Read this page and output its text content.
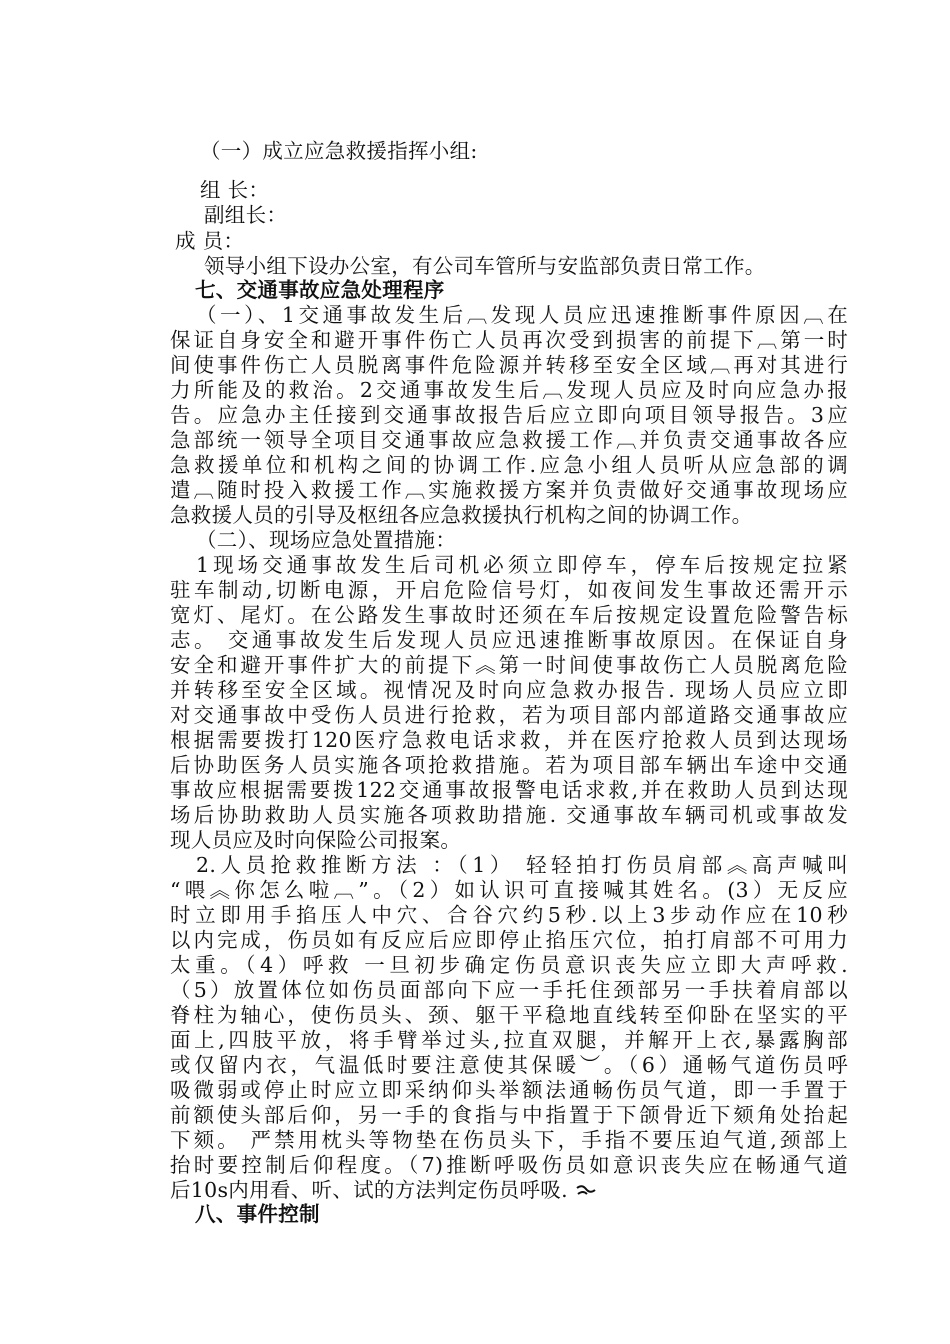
（一）成立应急救援指挥小组:
组 长：
副组长：
成 员：
领导小组下设办公室，有公司车管所与安监部负责日常工作。
七、交通事故应急处理程序
（一）、1交通事故发生后︹发现人员应迅速推断事件原因︹在
保证自身安全和避开事件伤亡人员再次受到损害的前提下︹第一时
间使事件伤亡人员脱离事件危险源并转移至安全区域︹再对其进行
力所能及的救治。2交通事故发生后︹发现人员应及时向应急办报
告。应急办主任接到交通事故报告后应立即向项目领导报告。3应
急部统一领导全项目交通事故应急救援工作︹并负责交通事故各应
急救援单位和机构之间的协调工作.应急小组人员听从应急部的调
遣︹随时投入救援工作︹实施救援方案并负责做好交通事故现场应
急救援人员的引导及枢纽各应急救援执行机构之间的协调工作。
（二）、现场应急处置措施：
1现场交通事故发生后司机必须立即停车，停车后按规定拉紧
驻车制动,切断电源，开启危险信号灯，如夜间发生事故还需开示
宽灯、尾灯。在公路发生事故时还须在车后按规定设置危险警告标
志。 交通事故发生后发现人员应迅速推断事故原因。在保证自身
安全和避开事件扩大的前提下︽第一时间使事故伤亡人员脱离危险
并转移至安全区域。视情况及时向应急救办报告. 现场人员应立即
对交通事故中受伤人员进行抢救，若为项目部内部道路交通事故应
根据需要拨打120医疗急救电话求救，并在医疗抢救人员到达现场
后协助医务人员实施各项抢救措施。若为项目部车辆出车途中交通
事故应根据需要拨122交通事故报警电话求救,并在救助人员到达现
场后协助救助人员实施各项救助措施. 交通事故车辆司机或事故发
现人员应及时向保险公司报案。
2.人员抢救推断方法 ：（1） 轻轻拍打伤员肩部︽高声喊叫
“喂︽你怎么啦︹”。（2）如认识可直接喊其姓名。(3）无反应
时立即用手掐压人中穴、合谷穴约5秒.以上3步动作应在10秒
以内完成，伤员如有反应后应即停止掐压穴位，拍打肩部不可用力
太重。（4）呼救 一旦初步确定伤员意识丧失应立即大声呼救.
（5）放置体位如伤员面部向下应一手托住颈部另一手扶着肩部以
脊柱为轴心，使伤员头、颈、躯干平稳地直线转至仰卧在坚实的平
面上,四肢平放，将手臂举过头,拉直双腿，并解开上衣,暴露胸部
或仅留内衣，气温低时要注意使其保暖︶。（6）通畅气道伤员呼
吸微弱或停止时应立即采纳仰头举额法通畅伤员气道，即一手置于
前额使头部后仰，另一手的食指与中指置于下颌骨近下颏角处抬起
下颏。 严禁用枕头等物垫在伤员头下，手指不要压迫气道,颈部上
抬时要控制后仰程度。（7)推断呼吸伤员如意识丧失应在畅通气道
后10s内用看、听、试的方法判定伤员呼吸.
八、事件控制
